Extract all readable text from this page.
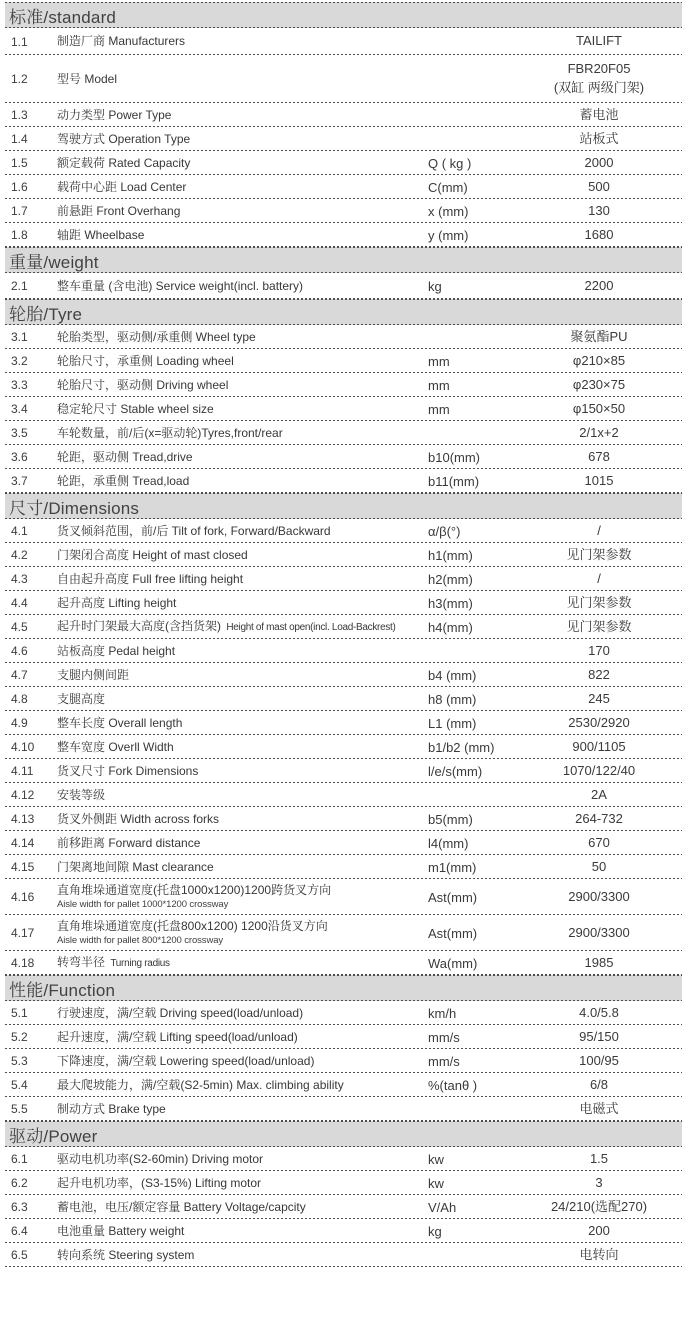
标准/standard
1.1	制造厂商 Manufacturers	TAILIFT
1.2	型号 Model
FBR20F05
(双缸 两级门架)
1.3	动力类型 Power Type	蓄电池
1.4	驾驶方式 Operation Type	站板式
1.5	额定载荷 Rated Capacity	Q ( kg )	2000
1.6	载荷中心距 Load Center	C(mm)	500
1.7	前悬距 Front Overhang	x (mm)	130
1.8	轴距 Wheelbase	y (mm)	1680
重量/weight
2.1	整车重量 (含电池) Service weight(incl. battery)	kg	2200
轮胎/Tyre
3.1	轮胎类型，驱动侧/承重侧 Wheel type	聚氨酯PU
3.2	轮胎尺寸，承重侧 Loading wheel	mm	φ210×85
3.3	轮胎尺寸，驱动侧 Driving wheel	mm	φ230×75
3.4	稳定轮尺寸 Stable wheel size	mm	φ150×50
3.5	车轮数量，前/后(x=驱动轮)Tyres,front/rear	2/1x+2
3.6	轮距，驱动侧 Tread,drive	b10(mm)	678
3.7	轮距，承重侧 Tread,load	b11(mm)	1015
尺寸/Dimensions
4.1	货叉倾斜范围，前/后 Tilt of fork, Forward/Backward	α/β(°)	/
4.2	门架闭合高度 Height of mast closed	h1(mm)	见门架参数
4.3	自由起升高度 Full free lifting height	h2(mm)	/
4.4	起升高度 Lifting height	h3(mm)	见门架参数
4.5	起升时门架最大高度(含挡货架) Height of mast open(incl. Load-Backrest)	h4(mm)	见门架参数
4.6	站板高度 Pedal height	170
4.7	支腿内侧间距	b4 (mm)	822
4.8	支腿高度	h8 (mm)	245
4.9	整车长度 Overall length	L1 (mm)	2530/2920
4.10	整车宽度 Overll Width	b1/b2 (mm)	900/1105
4.11	货叉尺寸 Fork Dimensions	l/e/s(mm)	1070/122/40
4.12	安装等级	2A
4.13	货叉外侧距 Width across forks	b5(mm)	264-732
4.14	前移距离 Forward distance	l4(mm)	670
4.15	门架离地间隙 Mast clearance	m1(mm)	50
4.16	直角堆垛通道宽度(托盘1000x1200)1200跨货叉方向
Aisle width for pallet 1000*1200 crossway
Ast(mm)	2900/3300
4.17	直角堆垛通道宽度(托盘800x1200) 1200沿货叉方向
Aisle width for pallet 800*1200 crossway
Ast(mm)	2900/3300
4.18	转弯半径 Turning radius	Wa(mm)	1985
性能/Function
5.1	行驶速度，满/空载 Driving speed(load/unload)	km/h	4.0/5.8
5.2	起升速度，满/空载 Lifting speed(load/unload)	mm/s	95/150
5.3	下降速度，满/空载 Lowering speed(load/unload)	mm/s	100/95
5.4	最大爬坡能力，满/空载(S2-5min) Max. climbing ability	%(tanθ )	6/8
5.5	制动方式 Brake type	电磁式
驱动/Power
6.1	驱动电机功率(S2-60min) Driving motor	kw	1.5
6.2	起升电机功率，(S3-15%) Lifting motor	kw	3
6.3	蓄电池，电压/额定容量 Battery Voltage/capcity	V/Ah	24/210(选配270)
6.4	电池重量 Battery weight	kg	200
6.5	转向系统 Steering system	电转向
